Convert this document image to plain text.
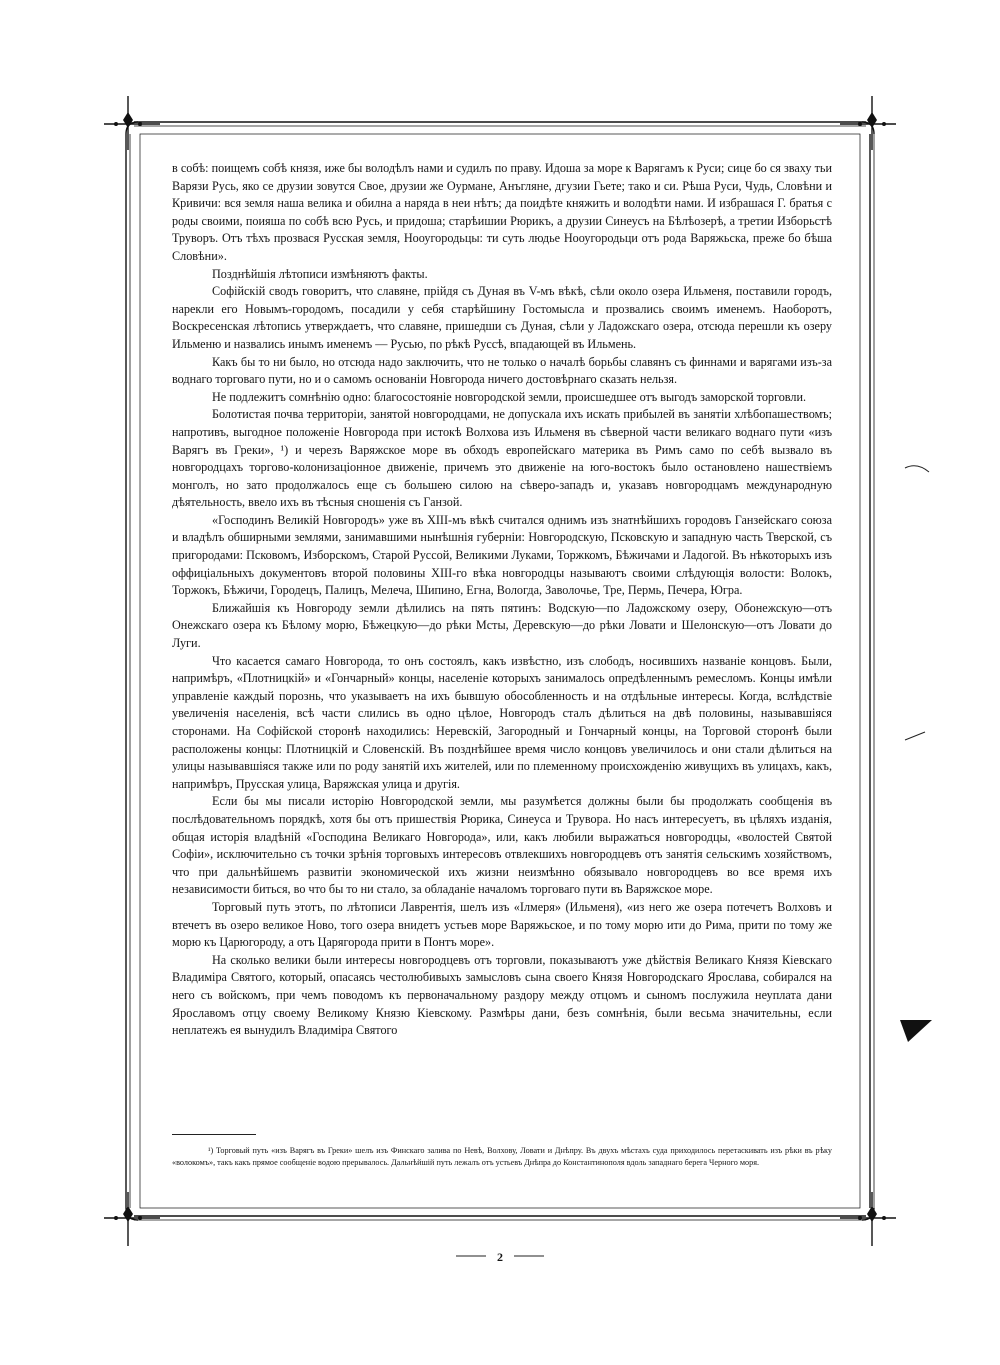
в собѣ: поищемъ собѣ князя, иже бы володѣлъ нами и судилъ по праву. Идоша за море к Варягамъ к Руси; сице бо ся зваху тьи Варязи Русь, яко се друзии зовутся Свое, друзии же Оурмане, Анъгляне, дгузии Гьете; тако и си. Рѣша Руси, Чудь, Словѣни и Кривичи: вся земля наша велика и обилна а наряда в неи нѣтъ; да поидѣте княжить и володѣти нами. И избрашася Г. братья с роды своими, поияша по собѣ всю Русь, и придоша; старѣишии Рюрикъ, а друзии Синеусъ на Бѣлѣозерѣ, а третии Изборьстѣ Труворъ. Отъ тѣхъ прозвася Русская земля, Нооугородьцы: ти суть людье Нооугородьци отъ рода Варяжьска, преже бо бѣша Словѣни».

Позднѣйшія лѣтописи измѣняютъ факты.

Софійскій сводъ говоритъ, что славяне, прійдя съ Дуная въ V-мъ вѣкѣ, сѣли около озера Ильменя, поставили городъ, нарекли его Новымъ-городомъ, посадили у себя старѣйшину Гостомысла и прозвались своимъ именемъ. Наоборотъ, Воскресенская лѣтопись утверждаетъ, что славяне, пришедши съ Дуная, сѣли у Ладожскаго озера, отсюда перешли къ озеру Ильменю и назвались инымъ именемъ — Русью, по рѣкѣ Руссѣ, впадающей въ Ильмень.

Какъ бы то ни было, но отсюда надо заключить, что не только о началѣ борьбы славянъ съ финнами и варягами изъ-за воднаго торговаго пути, но и о самомъ основаніи Новгорода ничего достовѣрнаго сказать нельзя.

Не подлежитъ сомнѣнію одно: благосостояніе новгородской земли, происшедшее отъ выгодъ заморской торговли.

Болотистая почва территоріи, занятой новгородцами, не допускала ихъ искать прибылей въ занятіи хлѣбопашествомъ; напротивъ, выгодное положеніе Новгорода при истокѣ Волхова изъ Ильменя въ сѣверной части великаго воднаго пути «изъ Варягъ въ Греки», ¹) и черезъ Варяжское море въ обходъ европейскаго материка въ Римъ само по себѣ вызвало въ новгородцахъ торгово-колонизаціонное движеніе, причемъ это движеніе на юго-востокъ было остановлено нашествіемъ монголъ, но зато продолжалось еще съ большею силою на сѣверо-западъ и, указавъ новгородцамъ международную дѣятельность, ввело ихъ въ тѣсныя сношенія съ Ганзой.

«Господинъ Великій Новгородъ» уже въ XIII-мъ вѣкѣ считался однимъ изъ знатнѣйшихъ городовъ Ганзейскаго союза и владѣлъ обширными землями, занимавшими нынѣшнія губерніи: Новгородскую, Псковскую и западную часть Тверской, съ пригородами: Псковомъ, Изборскомъ, Старой Руссой, Великими Луками, Торжкомъ, Бѣжичами и Ладогой. Въ нѣкоторыхъ изъ оффиціальныхъ документовъ второй половины XIII-го вѣка новгородцы называютъ своими слѣдующія волости: Волокъ, Торжокъ, Бѣжичи, Городецъ, Палицъ, Мелеча, Шипино, Егна, Вологда, Заволочье, Тре, Пермь, Печера, Югра.

Ближайшія къ Новгороду земли дѣлились на пять пятинъ: Водскую—по Ладожскому озеру, Обонежскую—отъ Онежскаго озера къ Бѣлому морю, Бѣжецкую—до рѣки Мсты, Деревскую—до рѣки Ловати и Шелонскую—отъ Ловати до Луги.

Что касается самаго Новгорода, то онъ состоялъ, какъ извѣстно, изъ слободъ, носившихъ названіе концовъ. Были, напримѣръ, «Плотницкій» и «Гончарный» концы, населеніе которыхъ занималось опредѣленнымъ ремесломъ. Концы имѣли управленіе каждый порознь, что указываетъ на ихъ бывшую обособленность и на отдѣльные интересы. Когда, вслѣдствіе увеличенія населенія, всѣ части слились въ одно цѣлое, Новгородъ сталъ дѣлиться на двѣ половины, называвшіяся сторонами. На Софійской сторонѣ находились: Неревскій, Загородный и Гончарный концы, на Торговой сторонѣ были расположены концы: Плотницкій и Словенскій. Въ позднѣйшее время число концовъ увеличилось и они стали дѣлиться на улицы называвшіяся также или по роду занятій ихъ жителей, или по племенному происхожденію живущихъ въ улицахъ, какъ, напримѣръ, Прусская улица, Варяжская улица и другія.

Если бы мы писали исторію Новгородской земли, мы разумѣется должны были бы продолжать сообщенія въ послѣдовательномъ порядкѣ, хотя бы отъ пришествія Рюрика, Синеуса и Трувора. Но насъ интересуетъ, въ цѣляхъ изданія, общая исторія владѣній «Господина Великаго Новгорода», или, какъ любили выражаться новгородцы, «волостей Святой Софіи», исключительно съ точки зрѣнія торговыхъ интересовъ отвлекшихъ новгородцевъ отъ занятія сельскимъ хозяйствомъ, что при дальнѣйшемъ развитіи экономической ихъ жизни неизмѣнно обязывало новгородцевъ во все время ихъ независимости биться, во что бы то ни стало, за обладаніе началомъ торговаго пути въ Варяжское море.

Торговый путь этотъ, по лѣтописи Лаврентія, шелъ изъ «Ілмеря» (Ильменя), «из него же озера потечетъ Волховъ и втечетъ въ озеро великое Ново, того озера внидетъ устьев море Варяжьское, и по тому морю ити до Рима, прити по тому же морю къ Царюгороду, а отъ Царягорода прити в Понтъ море».

На сколько велики были интересы новгородцевъ отъ торговли, показываютъ уже дѣйствія Великаго Князя Кіевскаго Владиміра Святого, который, опасаясь честолюбивыхъ замысловъ сына своего Князя Новгородскаго Ярослава, собирался на него съ войскомъ, при чемъ поводомъ къ первоначальному раздору между отцомъ и сыномъ послужила неуплата дани Ярославомъ отцу своему Великому Князю Кіевскому. Размѣры дани, безъ сомнѣнія, были весьма значительны, если неплатежъ ея вынудилъ Владиміра Святого

¹) Торговый путь «изъ Варягъ въ Греки» шелъ изъ Финскаго залива по Невѣ, Волхову, Ловати и Днѣпру. Въ двухъ мѣстахъ суда приходилось перетаскивать изъ рѣки въ рѣку «волокомъ», такъ какъ прямое сообщеніе водою прерывалось. Дальнѣйшій путь лежалъ отъ устьевъ Днѣпра до Константинополя вдоль западнаго берега Черного моря.

2
